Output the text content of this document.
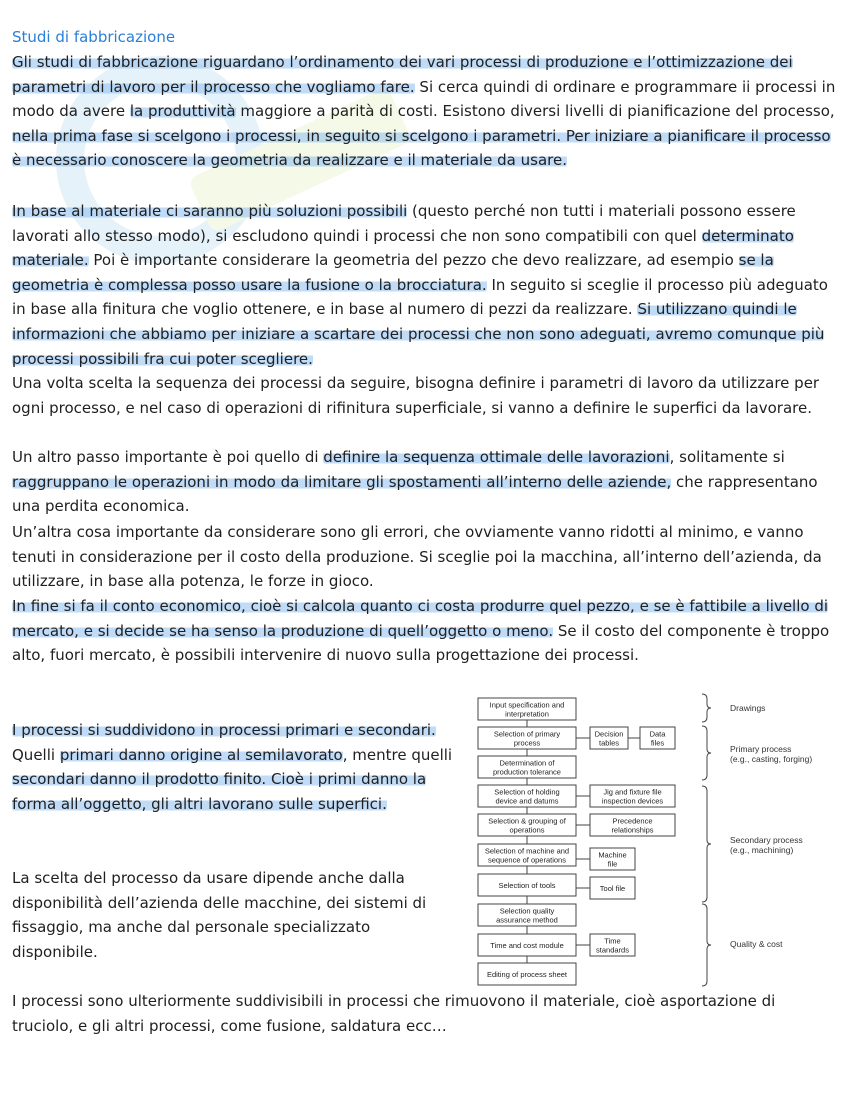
Studi di fabbricazione

Gli studi di fabbricazione riguardano l’ordinamento dei vari processi di produzione e l’ottimizzazione dei parametri di lavoro per il processo che vogliamo fare. Si cerca quindi di ordinare e programmare ii processi in modo da avere la produttività maggiore a parità di costi. Esistono diversi livelli di pianificazione del processo, nella prima fase si scelgono i processi, in seguito si scelgono i parametri. Per iniziare a pianificare il processo è necessario conoscere la geometria da realizzare e il materiale da usare.

In base al materiale ci saranno più soluzioni possibili (questo perché non tutti i materiali possono essere lavorati allo stesso modo), si escludono quindi i processi che non sono compatibili con quel determinato materiale. Poi è importante considerare la geometria del pezzo che devo realizzare, ad esempio se la geometria è complessa posso usare la fusione o la brocciatura. In seguito si sceglie il processo più adeguato in base alla finitura che voglio ottenere, e in base al numero di pezzi da realizzare. Si utilizzano quindi le informazioni che abbiamo per iniziare a scartare dei processi che non sono adeguati, avremo comunque più processi possibili fra cui poter scegliere.

Una volta scelta la sequenza dei processi da seguire, bisogna definire i parametri di lavoro da utilizzare per ogni processo, e nel caso di operazioni di rifinitura superficiale, si vanno a definire le superfici da lavorare.

Un altro passo importante è poi quello di definire la sequenza ottimale delle lavorazioni, solitamente si raggruppano le operazioni in modo da limitare gli spostamenti all’interno delle aziende, che rappresentano una perdita economica.

Un’altra cosa importante da considerare sono gli errori, che ovviamente vanno ridotti al minimo, e vanno tenuti in considerazione per il costo della produzione. Si sceglie poi la macchina, all’interno dell’azienda, da utilizzare, in base alla potenza, le forze in gioco.

In fine si fa il conto economico, cioè si calcola quanto ci costa produrre quel pezzo, e se è fattibile a livello di mercato, e si decide se ha senso la produzione di quell’oggetto o meno. Se il costo del componente è troppo alto, fuori mercato, è possibili intervenire di nuovo sulla progettazione dei processi.

I processi si suddividono in processi primari e secondari. Quelli primari danno origine al semilavorato, mentre quelli secondari danno il prodotto finito. Cioè i primi danno la forma all’oggetto, gli altri lavorano sulle superfici.

La scelta del processo da usare dipende anche dalla disponibilità dell’azienda delle macchine, dei sistemi di fissaggio, ma anche dal personale specializzato disponibile.

I processi sono ulteriormente suddivisibili in processi che rimuovono il materiale, cioè asportazione di truciolo, e gli altri processi, come fusione, saldatura ecc…

Input specification and
interpretation
Selection of primary
process
Determination of
production tolerance
Selection of holding
device and datums
Selection & grouping of
operations
Selection of machine and
sequence of operations
Selection of tools
Selection quality
assurance method
Time and cost module
Editing of process sheet
Decision
tables
Data
files
Jig and fixture file
inspection devices
Precedence
relationships
Machine
file
Tool file
Time
standards
Drawings
Primary process
(e.g., casting, forging)
Secondary process
(e.g., machining)
Quality & cost
